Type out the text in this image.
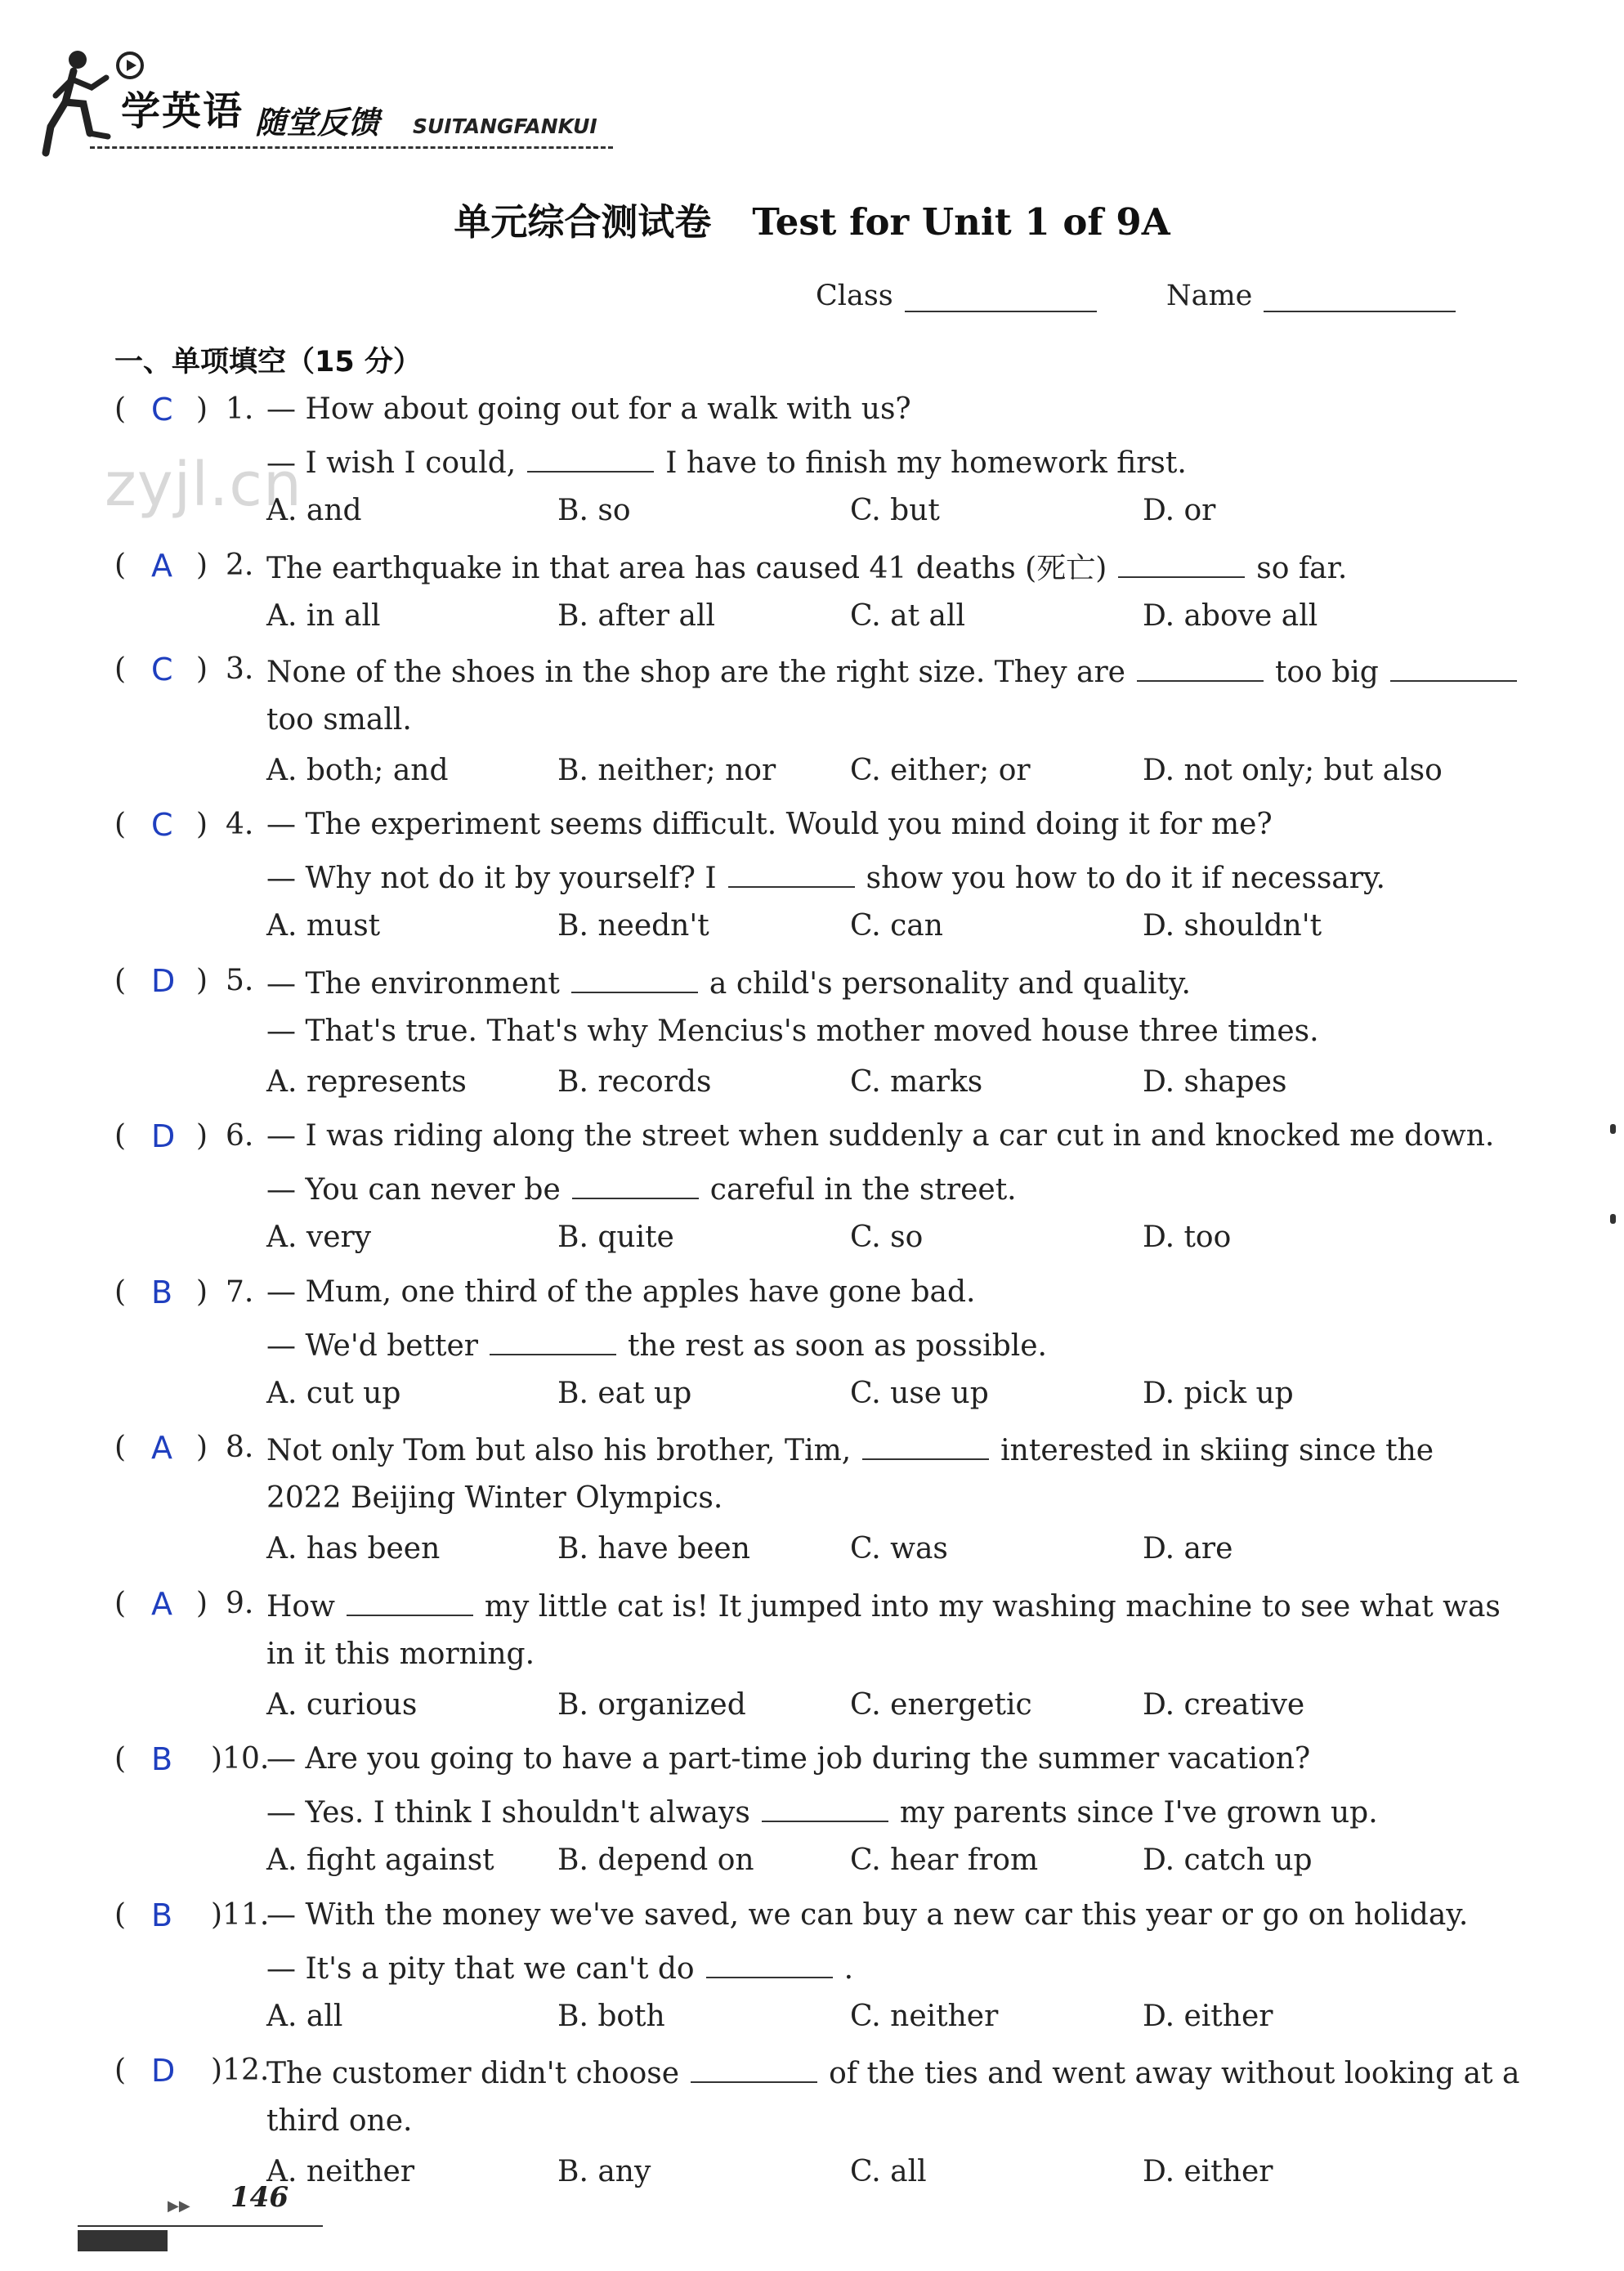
学英语 随堂反馈 SUITANGFANKUI
单元综合测试卷 Test for Unit 1 of 9A
Class	Name
一、单项填空（15 分）
zyjl.cn
( C ) 1. — How about going out for a walk with us?
— I wish I could,	I have to finish my homework first.
A. and	B. so	C. but	D. or
( A ) 2. The earthquake in that area has caused 41 deaths (死亡)	so far.
A. in all	B. after all	C. at all	D. above all
( C ) 3. None of the shoes in the shop are the right size. They are	too big
too small.
A. both; and	B. neither; nor	C. either; or	D. not only; but also
( C ) 4. — The experiment seems difficult. Would you mind doing it for me?
— Why not do it by yourself? I	show you how to do it if necessary.
A. must	B. needn't	C. can	D. shouldn't
( D ) 5. — The environment	a child's personality and quality.
— That's true. That's why Mencius's mother moved house three times.
A. represents	B. records	C. marks	D. shapes
( D ) 6. — I was riding along the street when suddenly a car cut in and knocked me down.
— You can never be	careful in the street.
A. very	B. quite	C. so	D. too
( B ) 7. — Mum, one third of the apples have gone bad.
— We'd better	the rest as soon as possible.
A. cut up	B. eat up	C. use up	D. pick up
( A ) 8. Not only Tom but also his brother, Tim,	interested in skiing since the
2022 Beijing Winter Olympics.
A. has been	B. have been	C. was	D. are
( A ) 9. How	my little cat is! It jumped into my washing machine to see what was
in it this morning.
A. curious	B. organized	C. energetic	D. creative
( B )10.
— Are you going to have a part-time job during the summer vacation?
— Yes. I think I shouldn't always	my parents since I've grown up.
A. fight against B. depend on	C. hear from	D. catch up
( B )11.
— With the money we've saved, we can buy a new car this year or go on holiday.
— It's a pity that we can't do	.
A. all	B. both	C. neither	D. either
( D )12.
The customer didn't choose	of the ties and went away without looking at a
third one.
A. neither	B. any	C. all	D. either
▶▶ 146
